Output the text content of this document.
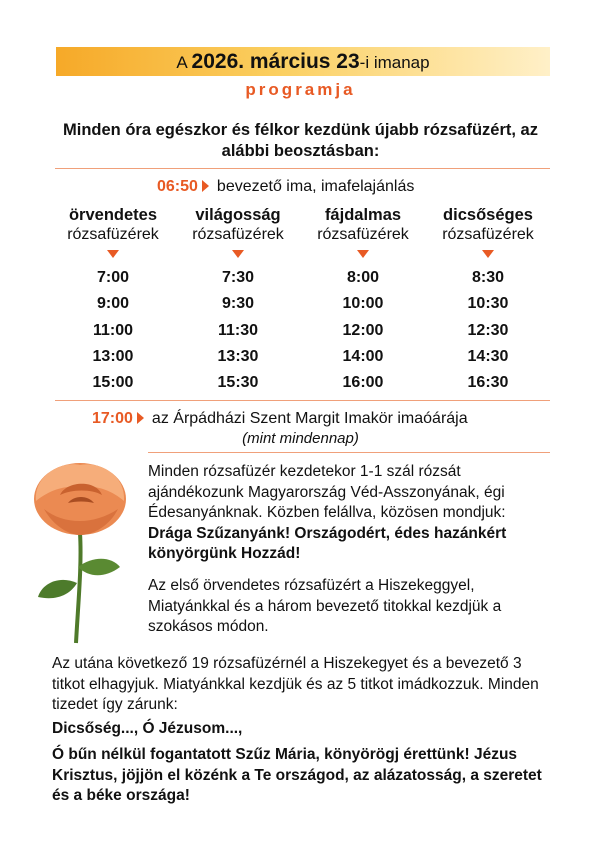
A 2026. március 23-i imanap
programja
Minden óra egészkor és félkor kezdünk újabb rózsafüzért, az alábbi beosztásban:
06:50 bevezető ima, imafelajánlás
örvendetes
rózsafüzérek
7:00
9:00
11:00
13:00
15:00
világosság
rózsafüzérek
7:30
9:30
11:30
13:30
15:30
fájdalmas
rózsafüzérek
8:00
10:00
12:00
14:00
16:00
dicsőséges
rózsafüzérek
8:30
10:30
12:30
14:30
16:30
17:00 az Árpádházi Szent Margit Imakör imaóárája
(mint mindennap)
Minden rózsafüzér kezdetekor 1-1 szál rózsát ajándékozunk Magyarország Véd-Asszonyának, égi Édesanyánknak. Közben felállva, közösen mondjuk: Drága Szűzanyánk! Országodért, édes hazánkért könyörgünk Hozzád!
Az első örvendetes rózsafüzért a Hiszekeggyel, Miatyánkkal és a három bevezető titokkal kezdjük a szokásos módon.
Az utána következő 19 rózsafüzérnél a Hiszekegyet és a bevezető 3 titkot elhagyjuk. Miatyánkkal kezdjük és az 5 titkot imádkozzuk. Minden tizedet így zárunk:
Dicsőség..., Ó Jézusom...,
Ó bűn nélkül fogantatott Szűz Mária, könyörögj érettünk! Jézus Krisztus, jöjjön el közénk a Te országod, az alázatosság, a szeretet és a béke országa!
